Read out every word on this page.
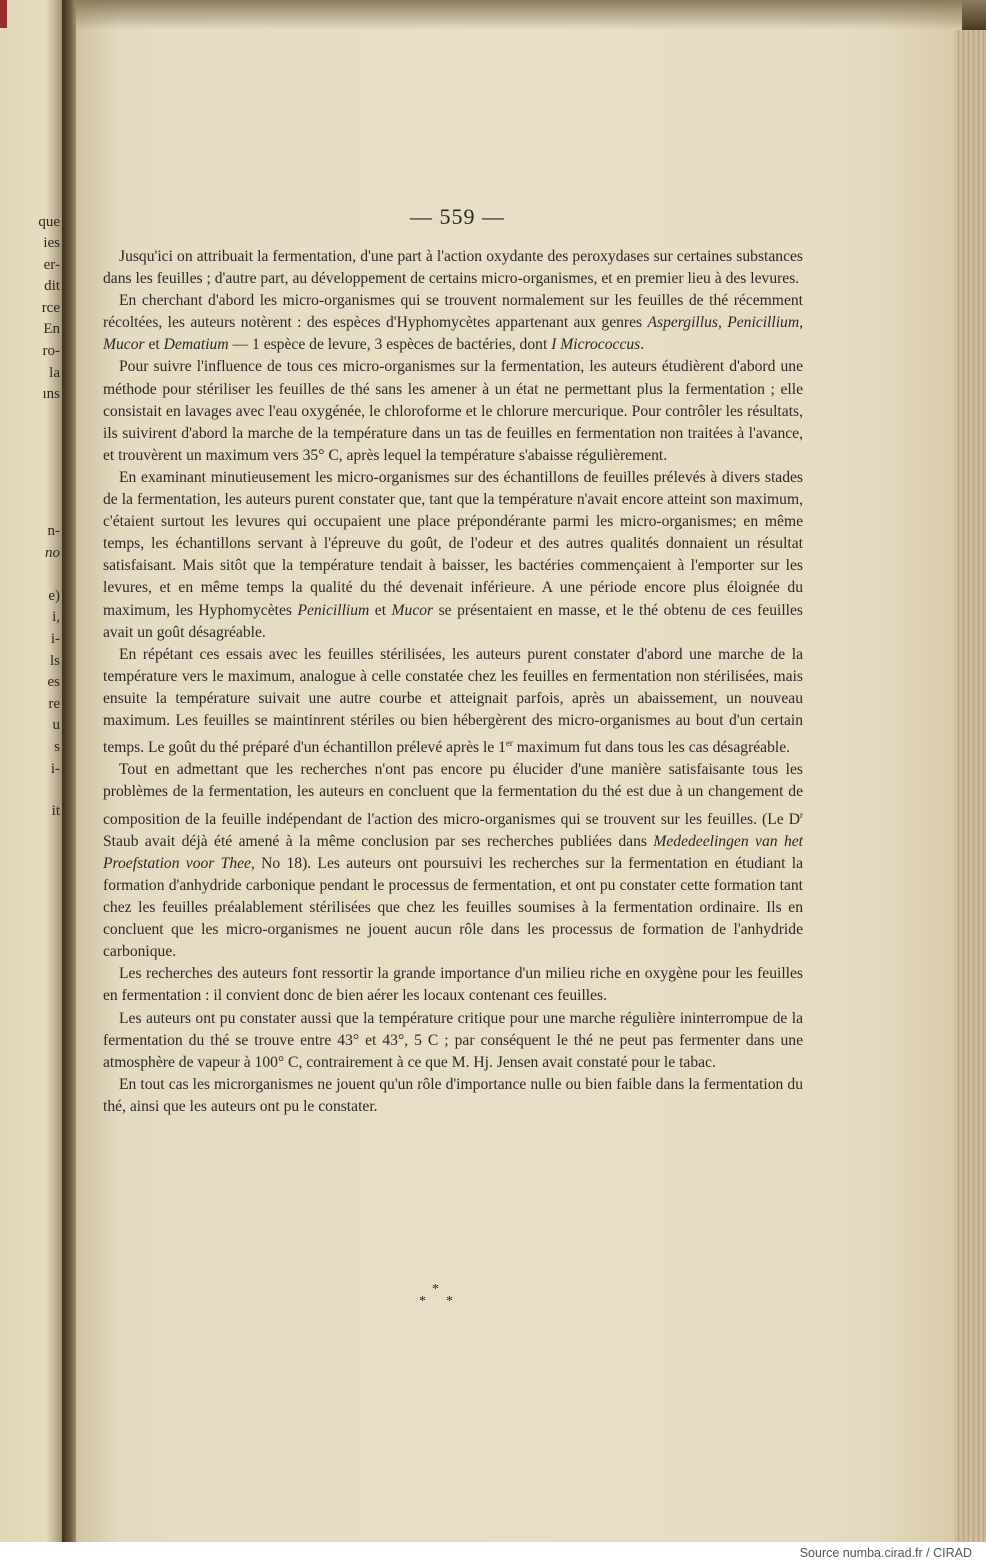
que
ies
er-
dit
rce
En
ro-
la
ıns
n-
no
e)
i,
i-
ls
es
re
u
s
i-
it
— 559 —

Jusqu'ici on attribuait la fermentation, d'une part à l'action oxydante des peroxydases sur certaines substances dans les feuilles ; d'autre part, au développement de certains micro-organismes, et en premier lieu à des levures.

En cherchant d'abord les micro-organismes qui se trouvent normalement sur les feuilles de thé récemment récoltées, les auteurs notèrent : des espèces d'Hyphomycètes appartenant aux genres Aspergillus, Penicillium, Mucor et Dematium — 1 espèce de levure, 3 espèces de bactéries, dont I Micrococcus.

Pour suivre l'influence de tous ces micro-organismes sur la fermentation, les auteurs étudièrent d'abord une méthode pour stériliser les feuilles de thé sans les amener à un état ne permettant plus la fermentation ; elle consistait en lavages avec l'eau oxygénée, le chloroforme et le chlorure mercurique. Pour contrôler les résultats, ils suivirent d'abord la marche de la température dans un tas de feuilles en fermentation non traitées à l'avance, et trouvèrent un maximum vers 35° C, après lequel la température s'abaisse régulièrement.

En examinant minutieusement les micro-organismes sur des échantillons de feuilles prélevés à divers stades de la fermentation, les auteurs purent constater que, tant que la température n'avait encore atteint son maximum, c'étaient surtout les levures qui occupaient une place prépondérante parmi les micro-organismes; en même temps, les échantillons servant à l'épreuve du goût, de l'odeur et des autres qualités donnaient un résultat satisfaisant. Mais sitôt que la température tendait à baisser, les bactéries commençaient à l'emporter sur les levures, et en même temps la qualité du thé devenait inférieure. A une période encore plus éloignée du maximum, les Hyphomycètes Penicillium et Mucor se présentaient en masse, et le thé obtenu de ces feuilles avait un goût désagréable.

En répétant ces essais avec les feuilles stérilisées, les auteurs purent constater d'abord une marche de la température vers le maximum, analogue à celle constatée chez les feuilles en fermentation non stérilisées, mais ensuite la température suivait une autre courbe et atteignait parfois, après un abaissement, un nouveau maximum. Les feuilles se maintinrent stériles ou bien hébergèrent des micro-organismes au bout d'un certain temps. Le goût du thé préparé d'un échantillon prélevé après le 1er maximum fut dans tous les cas désagréable.

Tout en admettant que les recherches n'ont pas encore pu élucider d'une manière satisfaisante tous les problèmes de la fermentation, les auteurs en concluent que la fermentation du thé est due à un changement de composition de la feuille indépendant de l'action des micro-organismes qui se trouvent sur les feuilles. (Le $D^r$ Staub avait déjà été amené à la même conclusion par ses recherches publiées dans Mededeelingen van het Proefstation voor Thee, No 18). Les auteurs ont poursuivi les recherches sur la fermentation en étudiant la formation d'anhydride carbonique pendant le processus de fermentation, et ont pu constater cette formation tant chez les feuilles préalablement stérilisées que chez les feuilles soumises à la fermentation ordinaire. Ils en concluent que les micro-organismes ne jouent aucun rôle dans les processus de formation de l'anhydride carbonique.

Les recherches des auteurs font ressortir la grande importance d'un milieu riche en oxygène pour les feuilles en fermentation : il convient donc de bien aérer les locaux contenant ces feuilles.

Les auteurs ont pu constater aussi que la température critique pour une marche régulière ininterrompue de la fermentation du thé se trouve entre 43° et 43°, 5 C ; par conséquent le thé ne peut pas fermenter dans une atmosphère de vapeur à 100° C, contrairement à ce que M. Hj. Jensen avait constaté pour le tabac.

En tout cas les microrganismes ne jouent qu'un rôle d'importance nulle ou bien faible dans la fermentation du thé, ainsi que les auteurs ont pu le constater.

*
* *
Source numba.cirad.fr / CIRAD
